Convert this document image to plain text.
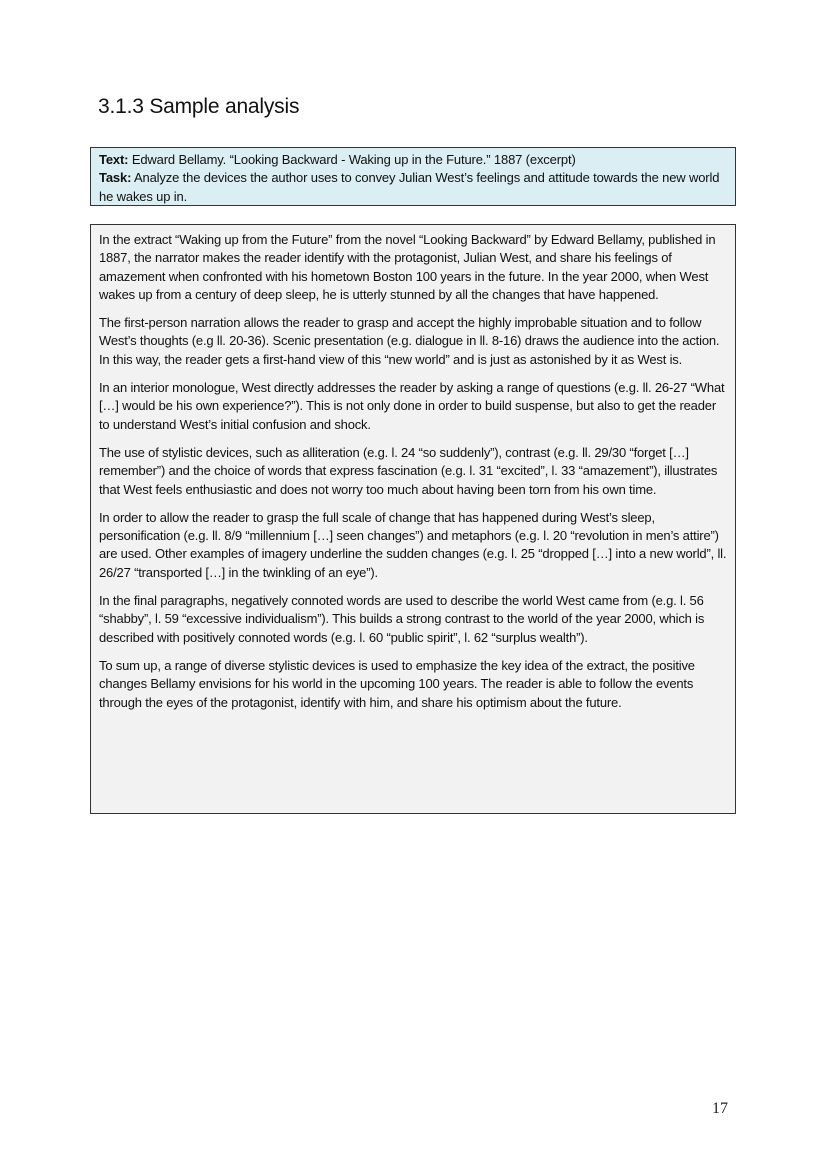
3.1.3 Sample analysis
Text: Edward Bellamy. “Looking Backward - Waking up in the Future.” 1887 (excerpt)
Task: Analyze the devices the author uses to convey Julian West’s feelings and attitude towards the new world he wakes up in.

In the extract “Waking up from the Future” from the novel “Looking Backward” by Edward Bellamy, published in 1887, the narrator makes the reader identify with the protagonist, Julian West, and share his feelings of amazement when confronted with his hometown Boston 100 years in the future. In the year 2000, when West wakes up from a century of deep sleep, he is utterly stunned by all the changes that have happened.

The first-person narration allows the reader to grasp and accept the highly improbable situation and to follow West’s thoughts (e.g ll. 20-36). Scenic presentation (e.g. dialogue in ll. 8-16) draws the audience into the action. In this way, the reader gets a first-hand view of this “new world” and is just as astonished by it as West is.

In an interior monologue, West directly addresses the reader by asking a range of questions (e.g. ll. 26-27 “What […] would be his own experience?”). This is not only done in order to build suspense, but also to get the reader to understand West’s initial confusion and shock.

The use of stylistic devices, such as alliteration (e.g. l. 24 “so suddenly”), contrast (e.g. ll. 29/30 “forget […] remember”) and the choice of words that express fascination (e.g. l. 31 “excited”, l. 33 “amazement”), illustrates that West feels enthusiastic and does not worry too much about having been torn from his own time.

In order to allow the reader to grasp the full scale of change that has happened during West’s sleep, personification (e.g. ll. 8/9 “millennium […] seen changes”) and metaphors (e.g. l. 20 “revolution in men’s attire”) are used. Other examples of imagery underline the sudden changes (e.g. l. 25 “dropped […] into a new world”, ll. 26/27 “transported […] in the twinkling of an eye”).

In the final paragraphs, negatively connoted words are used to describe the world West came from (e.g. l. 56 “shabby”, l. 59 “excessive individualism”). This builds a strong contrast to the world of the year 2000, which is described with positively connoted words (e.g. l. 60 “public spirit”, l. 62 “surplus wealth”).

To sum up, a range of diverse stylistic devices is used to emphasize the key idea of the extract, the positive changes Bellamy envisions for his world in the upcoming 100 years. The reader is able to follow the events through the eyes of the protagonist, identify with him, and share his optimism about the future.

17
